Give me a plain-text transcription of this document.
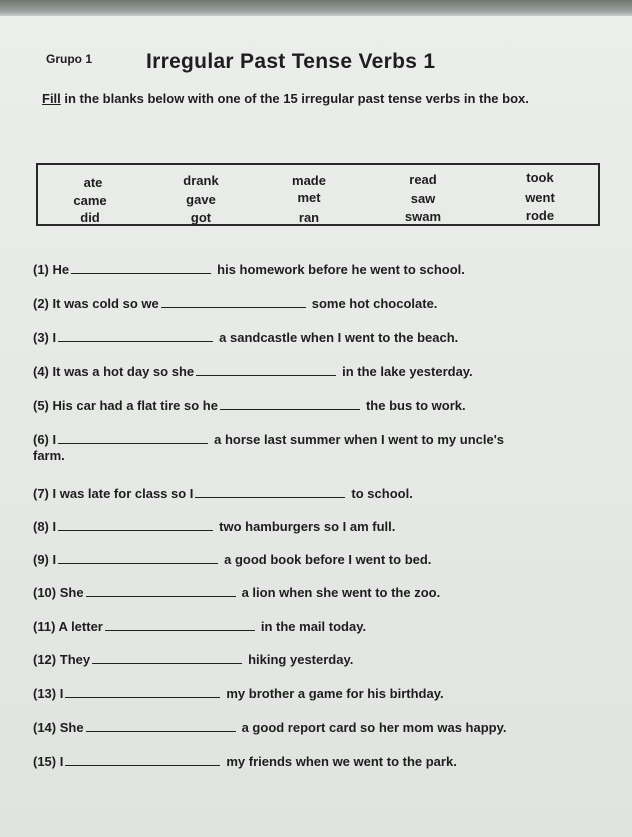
Grupo 1	Irregular Past Tense Verbs 1
Fill in the blanks below with one of the 15 irregular past tense verbs in the box.
ate	drank	made	read	took
came	gave	met	saw	went
did	got	ran	swam	rode
(1) He	his homework before he went to school.
(2) It was cold so we	some hot chocolate.
(3) I	a sandcastle when I went to the beach.
(4) It was a hot day so she	in the lake yesterday.
(5) His car had a flat tire so he	the bus to work.
(6) I	a horse last summer when I went to my uncle's
farm.
(7) I was late for class so I	to school.
(8) I	two hamburgers so I am full.
(9) I	a good book before I went to bed.
(10) She	a lion when she went to the zoo.
(11) A letter	in the mail today.
(12) They	hiking yesterday.
(13) I	my brother a game for his birthday.
(14) She	a good report card so her mom was happy.
(15) I	my friends when we went to the park.
